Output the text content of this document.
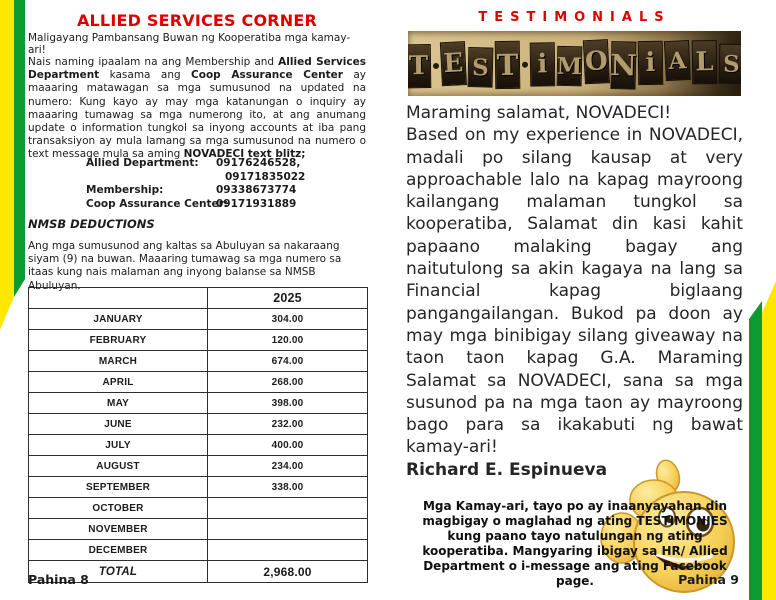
ALLIED SERVICES CORNER
Maligayang Pambansang Buwan ng Kooperatiba mga kamay-ari!
Nais naming ipaalam na ang Membership and Allied Services Department kasama ang Coop Assurance Center ay maaaring matawagan sa mga sumusunod na updated na numero: Kung kayo ay may mga katanungan o inquiry ay maaaring tumawag sa mga numerong ito, at ang anumang update o information tungkol sa inyong accounts at iba pang transaksiyon ay mula lamang sa mga sumusunod na numero o text message mula sa aming NOVADECI text blitz;
Allied Department:	09176246528,
09171835022
Membership:	09338673774
Coop Assurance Center:
09171931889
NMSB DEDUCTIONS
Ang mga sumusunod ang kaltas sa Abuluyan sa nakaraang siyam (9) na buwan. Maaaring tumawag sa mga numero sa itaas kung nais malaman ang inyong balanse sa NMSB Abuluyan.
	2025
JANUARY	304.00
FEBRUARY	120.00
MARCH	674.00
APRIL	268.00
MAY	398.00
JUNE	232.00
JULY	400.00
AUGUST	234.00
SEPTEMBER	338.00
OCTOBER	
NOVEMBER	
DECEMBER	
TOTAL	2,968.00
Pahina 8
TESTIMONIALS
T E S T i M O N i A L S
Maraming salamat, NOVADECI!
Based on my experience in NOVADECI, madali po silang kausap at very approachable lalo na kapag mayroong kailangang malaman tungkol sa kooperatiba, Salamat din kasi kahit papaano malaking bagay ang naitutulong sa akin kagaya na lang sa Financial kapag biglaang pangangailangan. Bukod pa doon ay may mga binibigay silang giveaway na taon taon kapag G.A. Maraming Salamat sa NOVADECI, sana sa mga susunod pa na mga taon ay mayroong bago para sa ikakabuti ng bawat kamay-ari!
Richard E. Espinueva
Mga Kamay-ari, tayo po ay inaanyayahan din magbigay o maglahad ng ating TESTIMONIES kung paano tayo natulungan ng ating kooperatiba. Mangyaring ibigay sa HR/ Allied Department o i-message ang ating Facebook page.	Pahina 9
